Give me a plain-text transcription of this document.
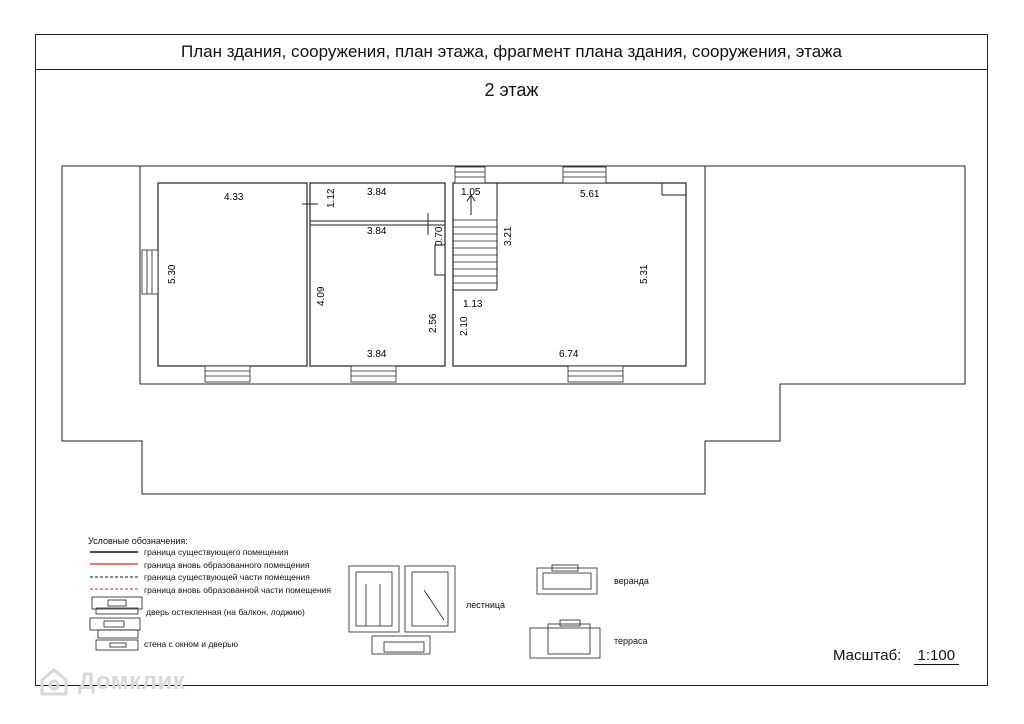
План здания, сооружения, план этажа, фрагмент плана здания, сооружения, этажа
2 этаж
4.33
5.30
1.12	3.84
3.84
3.84
4.09
2.56
0.70
1.05
3.21
1.13
2.10
5.61
6.74
5.31
Условные обозначения:
граница существующего помещения
граница вновь образованного помещения
граница существующей части помещения
граница вновь образованной части помещения
дверь остекленная (на балкон, лоджию)
стена с окном и дверью
лестница
веранда
терраса
Масштаб: 1:100
Домклик
